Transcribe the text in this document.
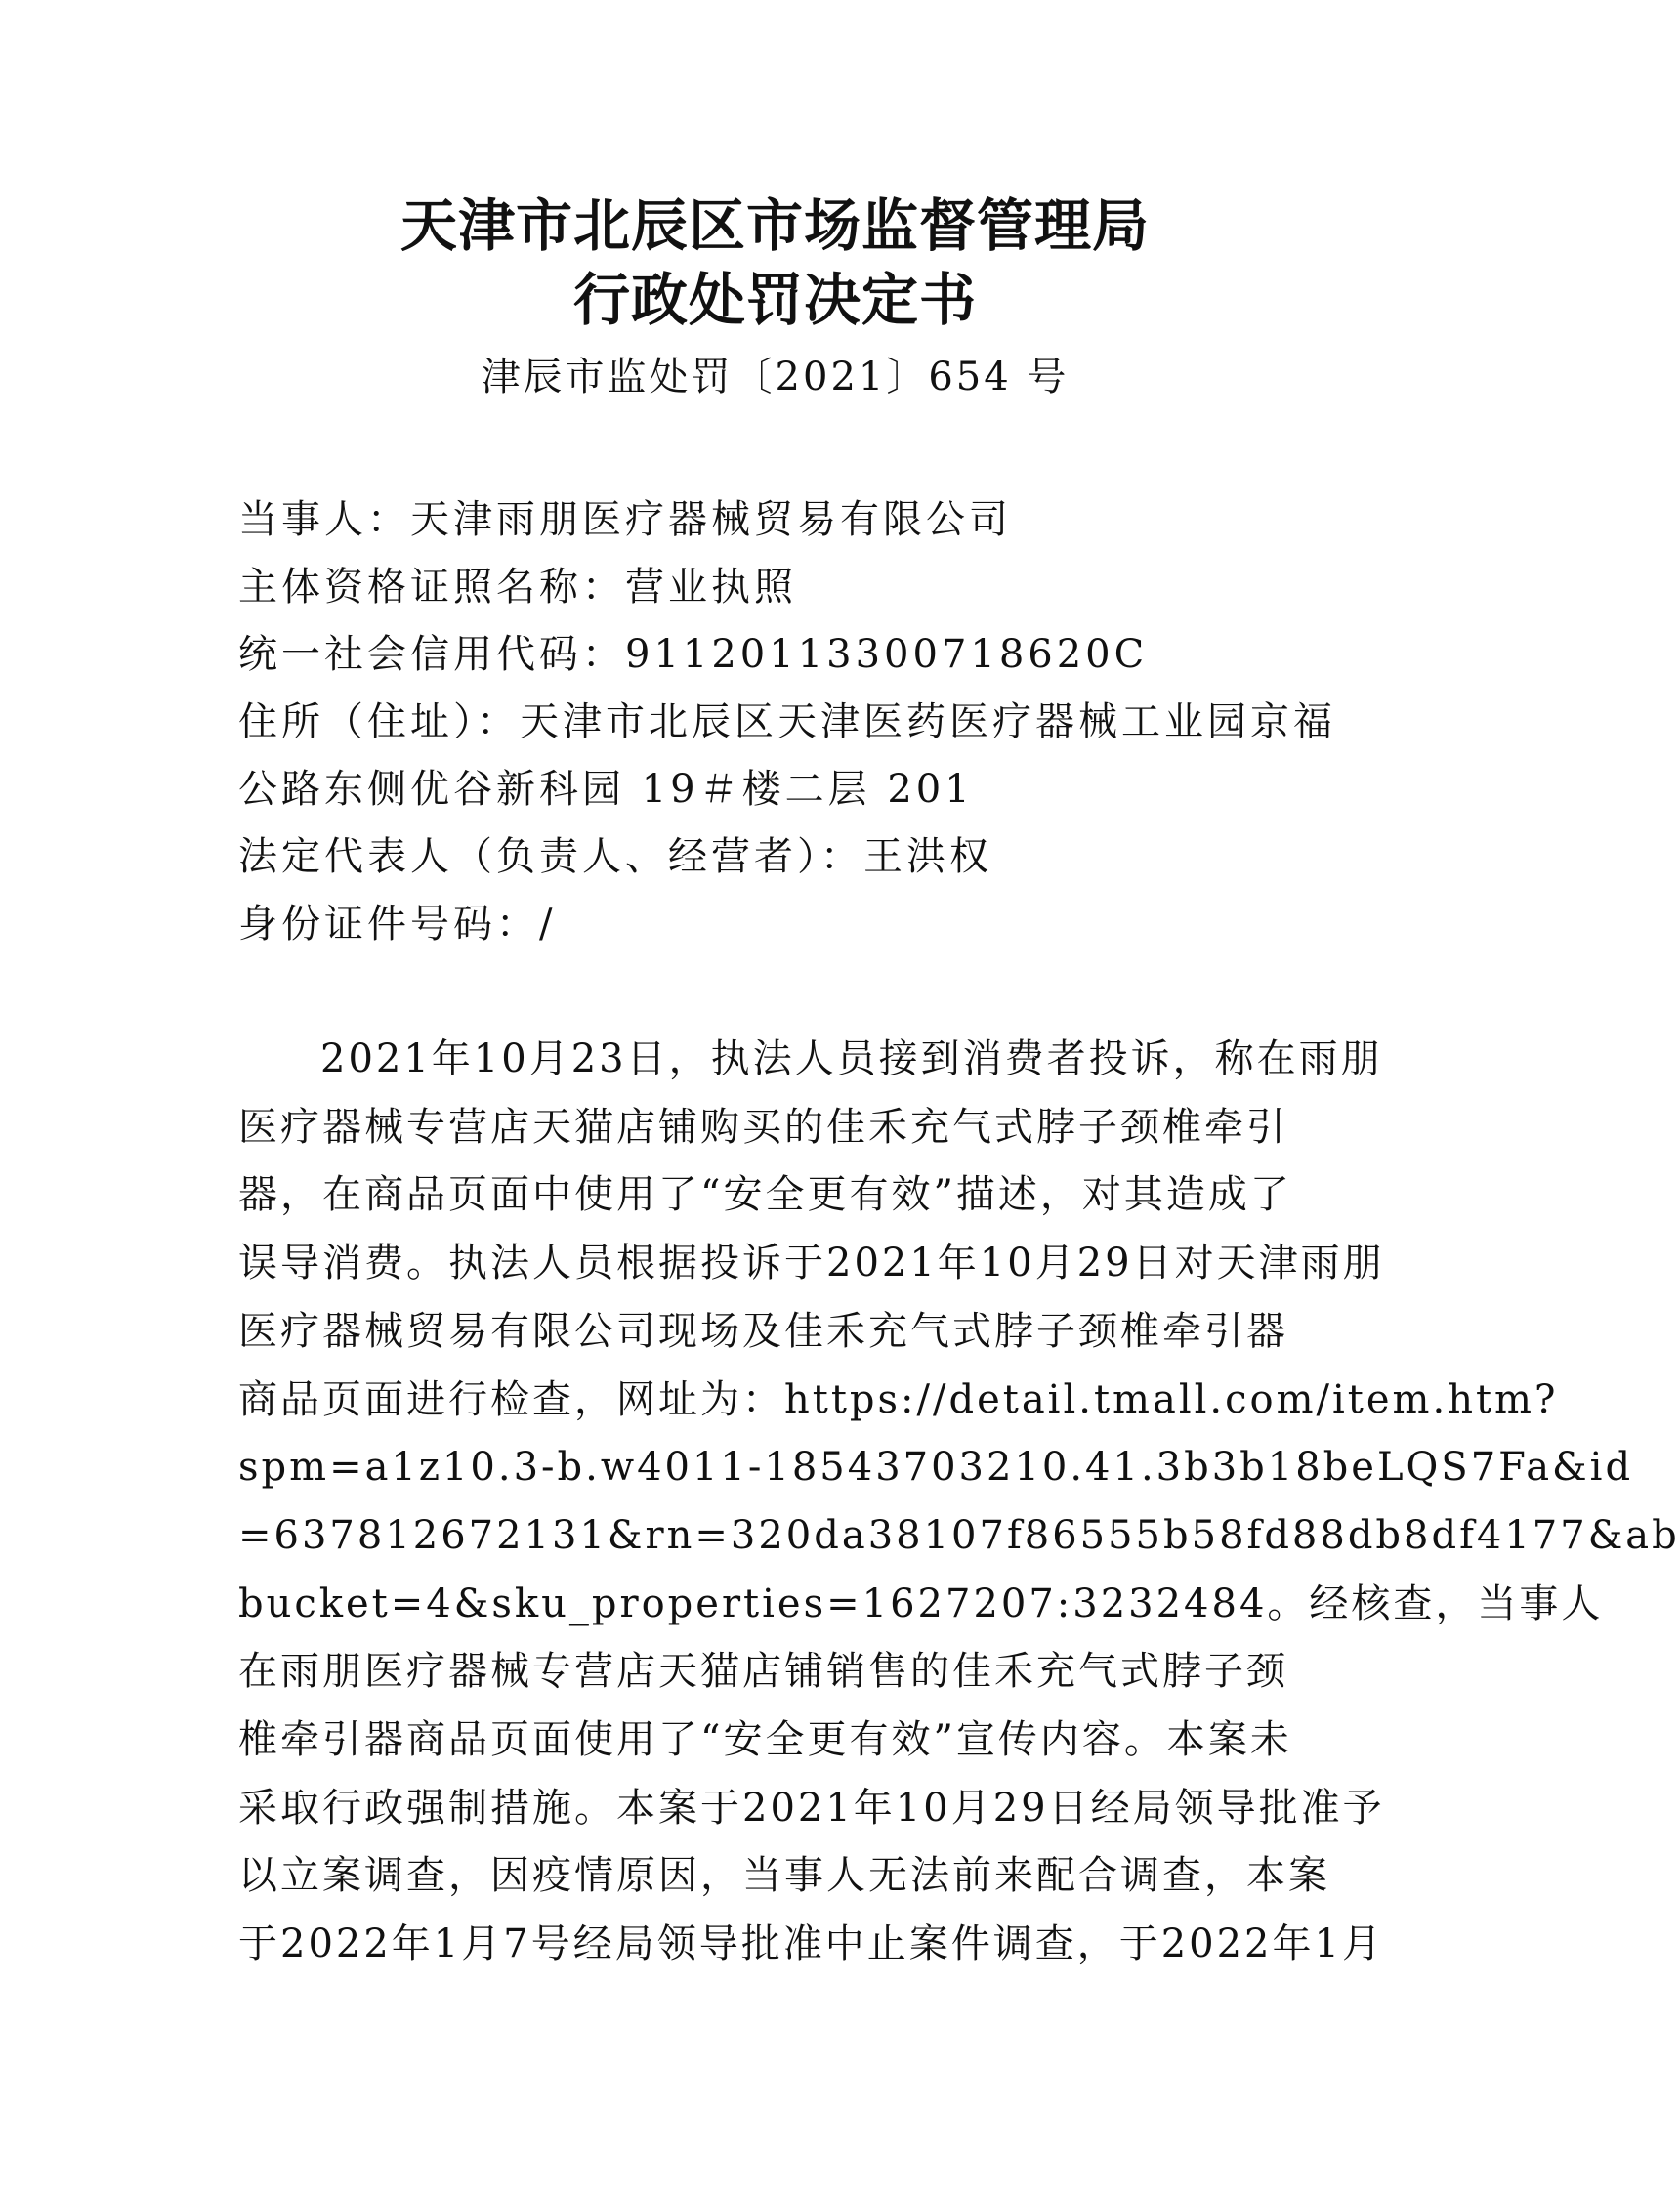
天津市北辰区市场监督管理局
行政处罚决定书
津辰市监处罚〔2021〕654 号

当事人：天津雨朋医疗器械贸易有限公司

主体资格证照名称：营业执照

统一社会信用代码：91120113300718620C

住所（住址）：天津市北辰区天津医药医疗器械工业园京福

公路东侧优谷新科园 19＃楼二层 201

法定代表人（负责人、经营者）：王洪权

身份证件号码：/

2021年10月23日，执法人员接到消费者投诉，称在雨朋

医疗器械专营店天猫店铺购买的佳禾充气式脖子颈椎牵引

器，在商品页面中使用了“安全更有效”描述，对其造成了

误导消费。执法人员根据投诉于2021年10月29日对天津雨朋

医疗器械贸易有限公司现场及佳禾充气式脖子颈椎牵引器

商品页面进行检查，网址为：https://detail.tmall.com/item.htm?

spm=a1z10.3-b.w4011-18543703210.41.3b3b18beLQS7Fa&id

=637812672131&rn=320da38107f86555b58fd88db8df4177&ab

bucket=4&sku_properties=1627207:3232484。经核查，当事人

在雨朋医疗器械专营店天猫店铺销售的佳禾充气式脖子颈

椎牵引器商品页面使用了“安全更有效”宣传内容。本案未

采取行政强制措施。本案于2021年10月29日经局领导批准予

以立案调查，因疫情原因，当事人无法前来配合调查，本案

于2022年1月7号经局领导批准中止案件调查，于2022年1月
